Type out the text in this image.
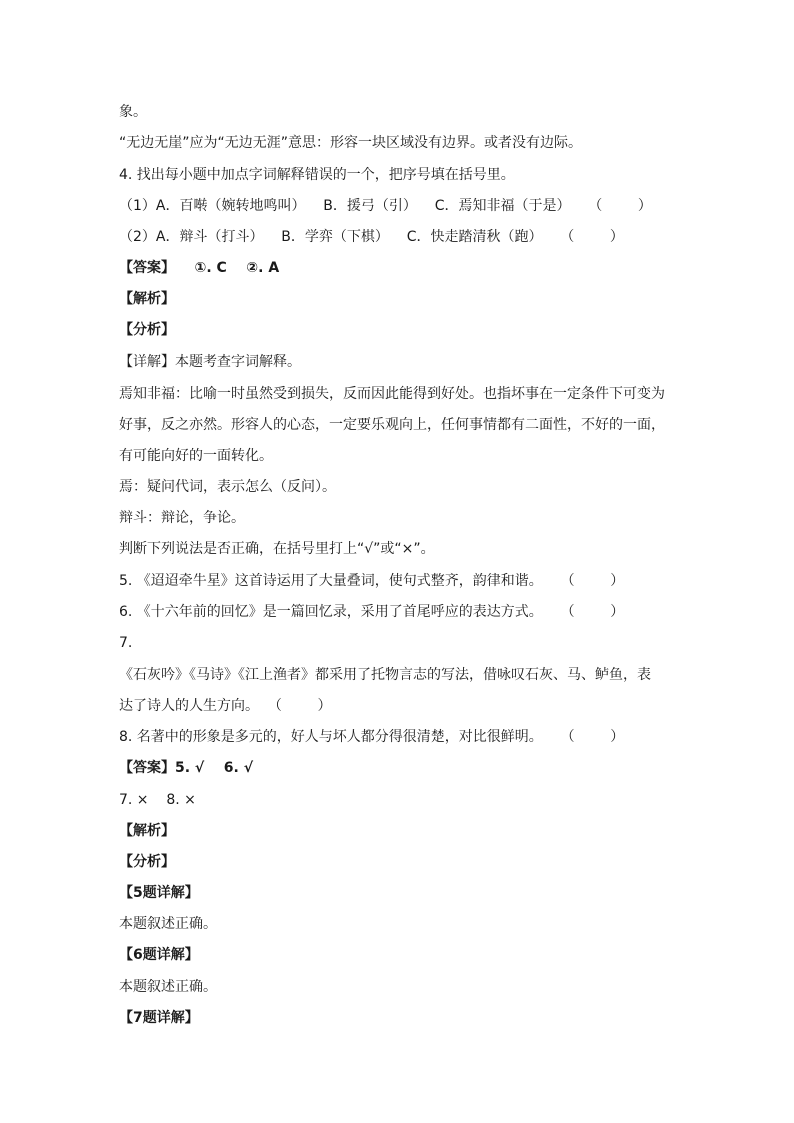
象。
“无边无崖”应为“无边无涯”意思：形容一块区域没有边界。或者没有边际。
4. 找出每小题中加点字词解释错误的一个，把序号填在括号里。
（1）A．百啭（婉转地鸣叫）    B．援弓（引）    C．焉知非福（于是）    （        ）
（2）A．辩斗（打斗）    B．学弈（下棋）    C．快走踏清秋（跑）    （        ）
【答案】    ①. C    ②. A
【解析】
【分析】
【详解】本题考查字词解释。
焉知非福：比喻一时虽然受到损失，反而因此能得到好处。也指坏事在一定条件下可变为
好事，反之亦然。形容人的心态，一定要乐观向上，任何事情都有二面性，不好的一面，
有可能向好的一面转化。
焉：疑问代词，表示怎么（反问）。
辩斗：辩论，争论。
判断下列说法是否正确，在括号里打上“√”或“×”。
5. 《迢迢牵牛星》这首诗运用了大量叠词，使句式整齐，韵律和谐。    （        ）
6. 《十六年前的回忆》是一篇回忆录，采用了首尾呼应的表达方式。    （        ）
7.
《石灰吟》《马诗》《江上渔者》都采用了托物言志的写法，借咏叹石灰、马、鲈鱼，表
达了诗人的人生方向。  （        ）
8. 名著中的形象是多元的，好人与坏人都分得很清楚，对比很鲜明。    （        ）
【答案】5. √    6. √
7. ×    8. ×
【解析】
【分析】
【5题详解】
本题叙述正确。
【6题详解】
本题叙述正确。
【7题详解】
